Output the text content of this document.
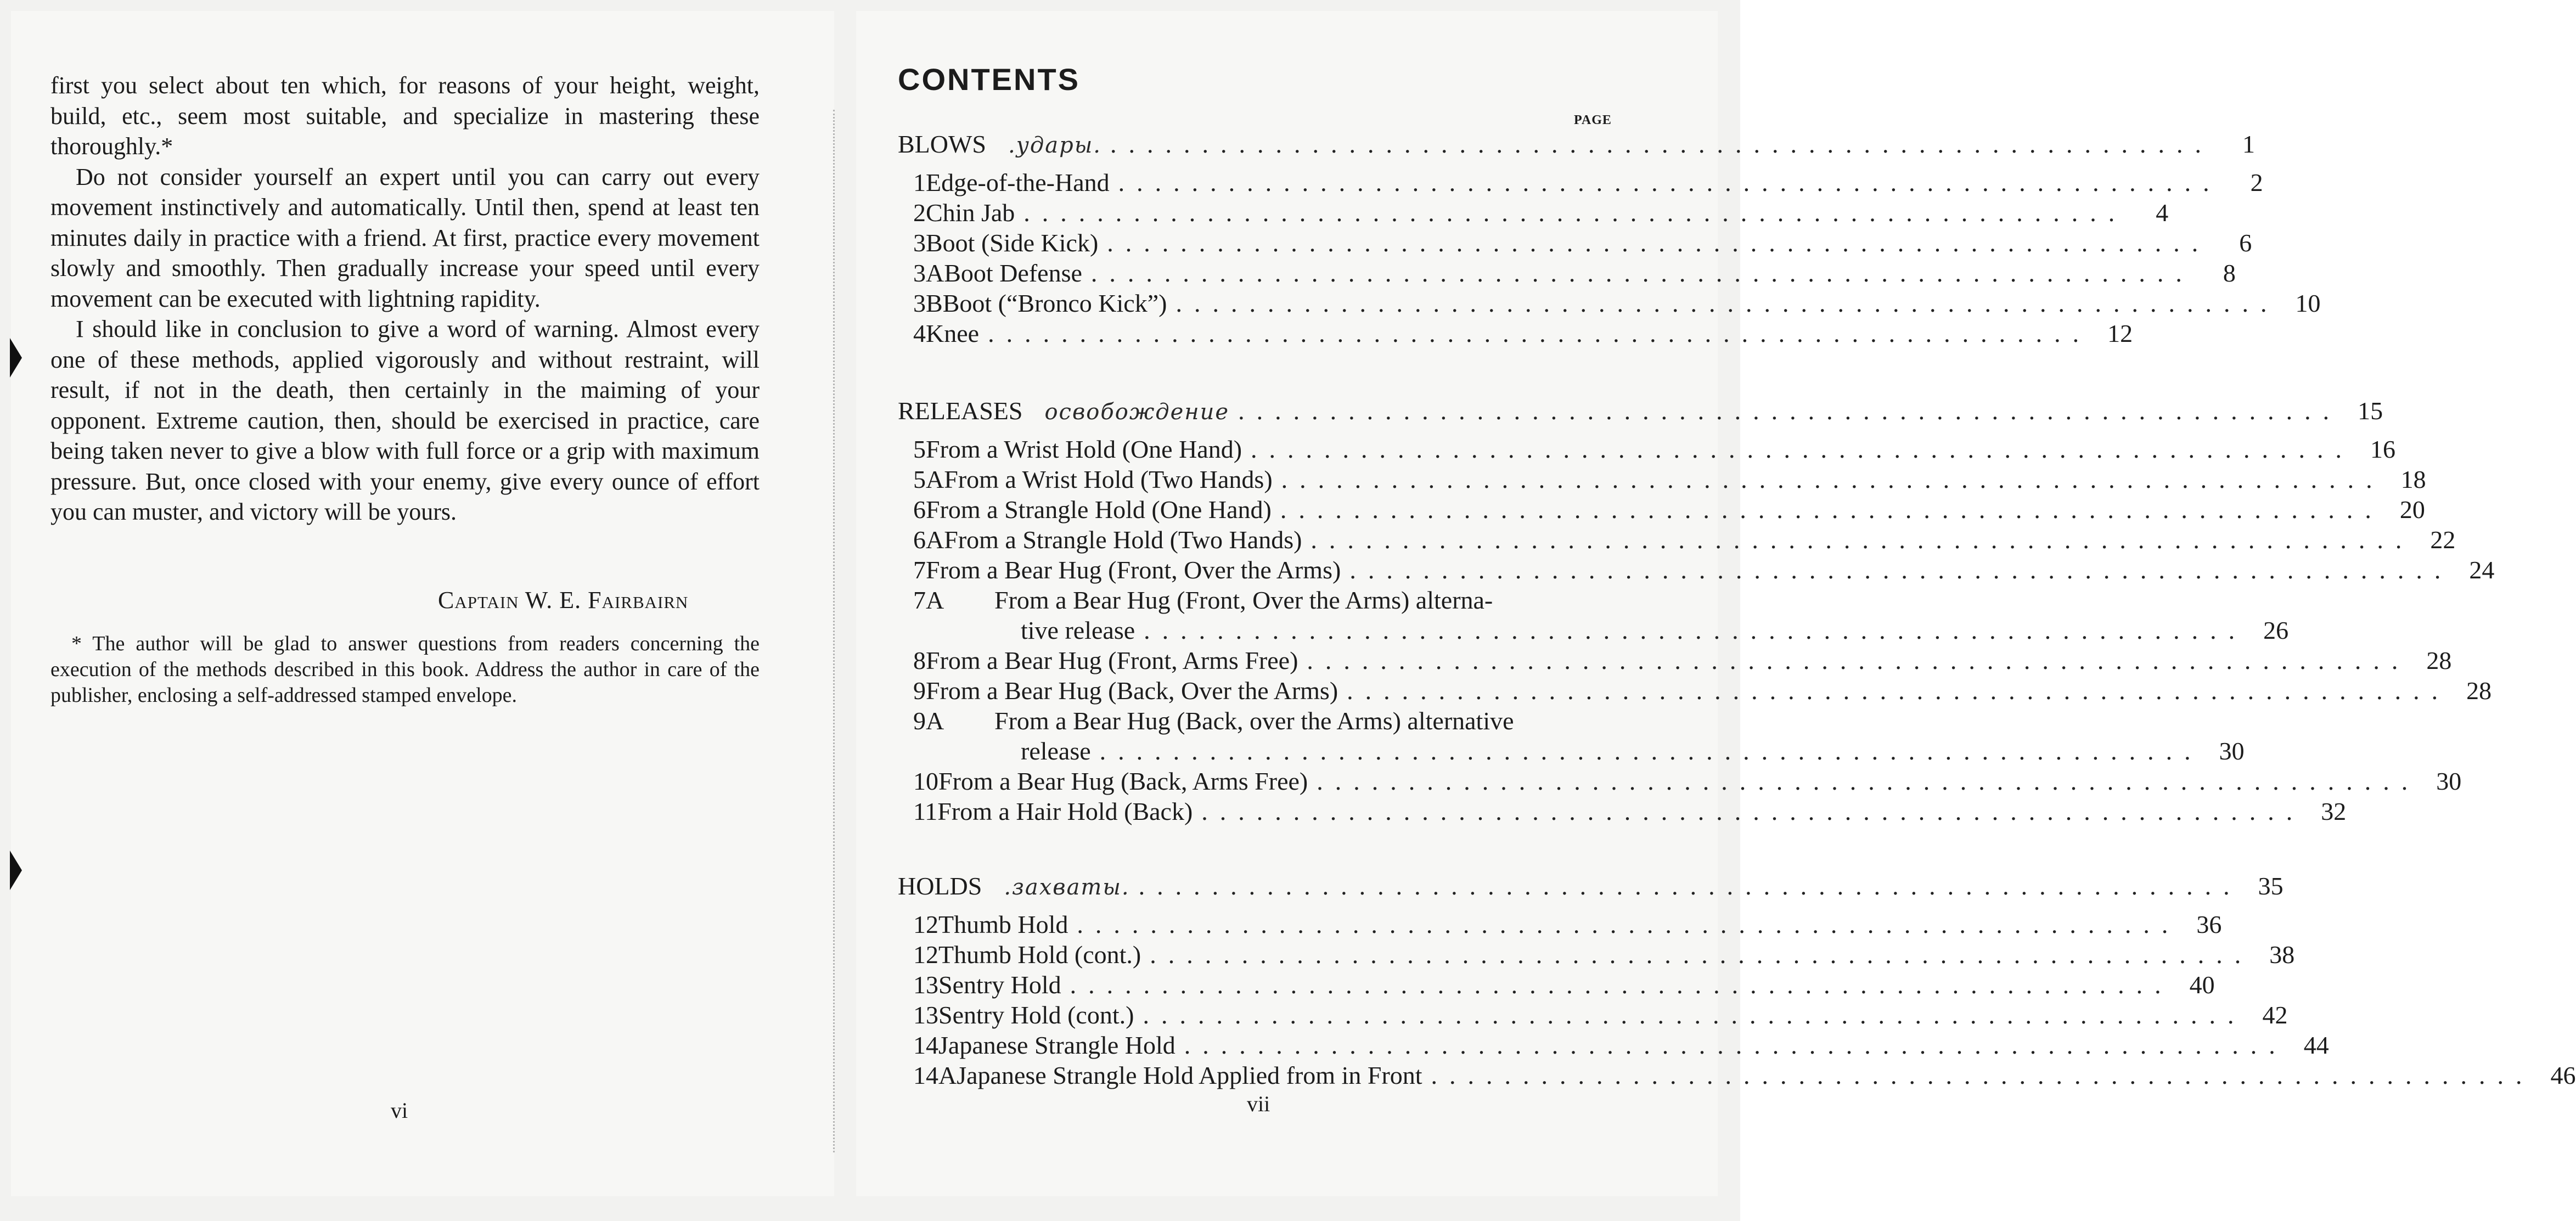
first you select about ten which, for reasons of your height, weight, build, etc., seem most suitable, and specialize in mastering these thoroughly.*

Do not consider yourself an expert until you can carry out every movement instinctively and automatically. Until then, spend at least ten minutes daily in practice with a friend. At first, practice every movement slowly and smoothly. Then gradually increase your speed until every movement can be executed with lightning rapidity.

I should like in conclusion to give a word of warning. Almost every one of these methods, applied vigorously and without restraint, will result, if not in the death, then certainly in the maiming of your opponent. Extreme caution, then, should be exercised in practice, care being taken never to give a blow with full force or a grip with maximum pressure. But, once closed with your enemy, give every ounce of effort you can muster, and victory will be yours.

Captain W. E. Fairbairn

* The author will be glad to answer questions from readers concerning the execution of the methods described in this book. Address the author in care of the publisher, enclosing a self-addressed stamped envelope.

vi
CONTENTS
PAGE
BLOWS .удары. ............................................................	1
1 Edge-of-the-Hand ............................................................	2
2 Chin Jab ............................................................	4
3 Boot (Side Kick) ............................................................	6
3A Boot Defense ............................................................	8
3B Boot (“Bronco Kick”) ............................................................ 10
4 Knee ............................................................ 12
RELEASES освобождение ............................................................ 15
5 From a Wrist Hold (One Hand) ............................................................ 16
5A From a Wrist Hold (Two Hands) ............................................................ 18
6 From a Strangle Hold (One Hand) ............................................................ 20
6A From a Strangle Hold (Two Hands) ............................................................ 22
7 From a Bear Hug (Front, Over the Arms) ............................................................ 24
7A	From a Bear Hug (Front, Over the Arms) alterna-
tive release ............................................................ 26
8 From a Bear Hug (Front, Arms Free) ............................................................ 28
9 From a Bear Hug (Back, Over the Arms) ............................................................ 28
9A	From a Bear Hug (Back, over the Arms) alternative
release ............................................................ 30
10 From a Bear Hug (Back, Arms Free) ............................................................ 30
11 From a Hair Hold (Back) ............................................................ 32
HOLDS .захваты. ............................................................ 35
12 Thumb Hold ............................................................ 36
12 Thumb Hold (cont.) ............................................................ 38
13 Sentry Hold ............................................................ 40
13 Sentry Hold (cont.) ............................................................ 42
14 Japanese Strangle Hold ............................................................ 44
14A Japanese Strangle Hold Applied from in Front ............................................................ 46
vii
